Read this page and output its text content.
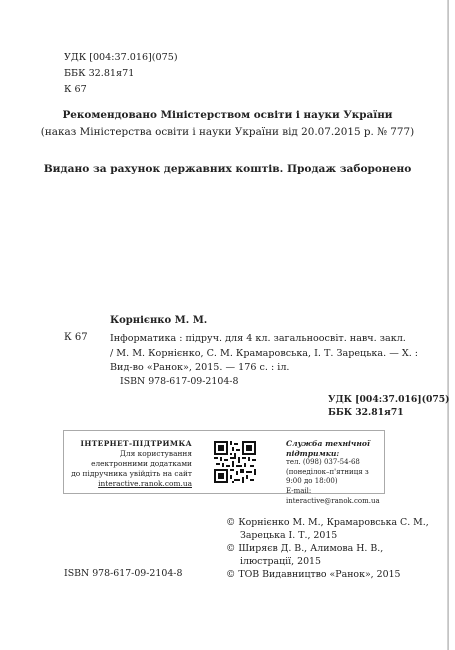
УДК [004:37.016](075)
ББК 32.81я71
К 67
Рекомендовано Міністерством освіти і науки України
(наказ Міністерства освіти і науки України від 20.07.2015 р. № 777)
Видано за рахунок державних коштів. Продаж заборонено
Корнієнко М. М.
К 67 Інформатика : підруч. для 4 кл. загальноосвіт. навч. закл.
/ М. М. Корнієнко, С. М. Крамаровська, І. Т. Зарецька. — Х. :
Вид-во «Ранок», 2015. — 176 с. : іл.
ISBN 978-617-09-2104-8
УДК [004:37.016](075)
ББК 32.81я71
ІНТЕРНЕТ-ПІДТРИМКА
Для користування
електронними додатками
до підручника увійдіть на сайт
interactive.ranok.com.ua
Служба технічної підтримки:
тел. (098) 037-54-68
(понеділок–п'ятниця з 9:00 до 18:00)
E-mail: interactive@ranok.com.ua
© Корнієнко М. М., Крамаровська С. М.,
Зарецька І. Т., 2015
© Ширяєв Д. В., Алимова Н. В.,
ілюстрації, 2015
© ТОВ Видавництво «Ранок», 2015
ISBN 978-617-09-2104-8
